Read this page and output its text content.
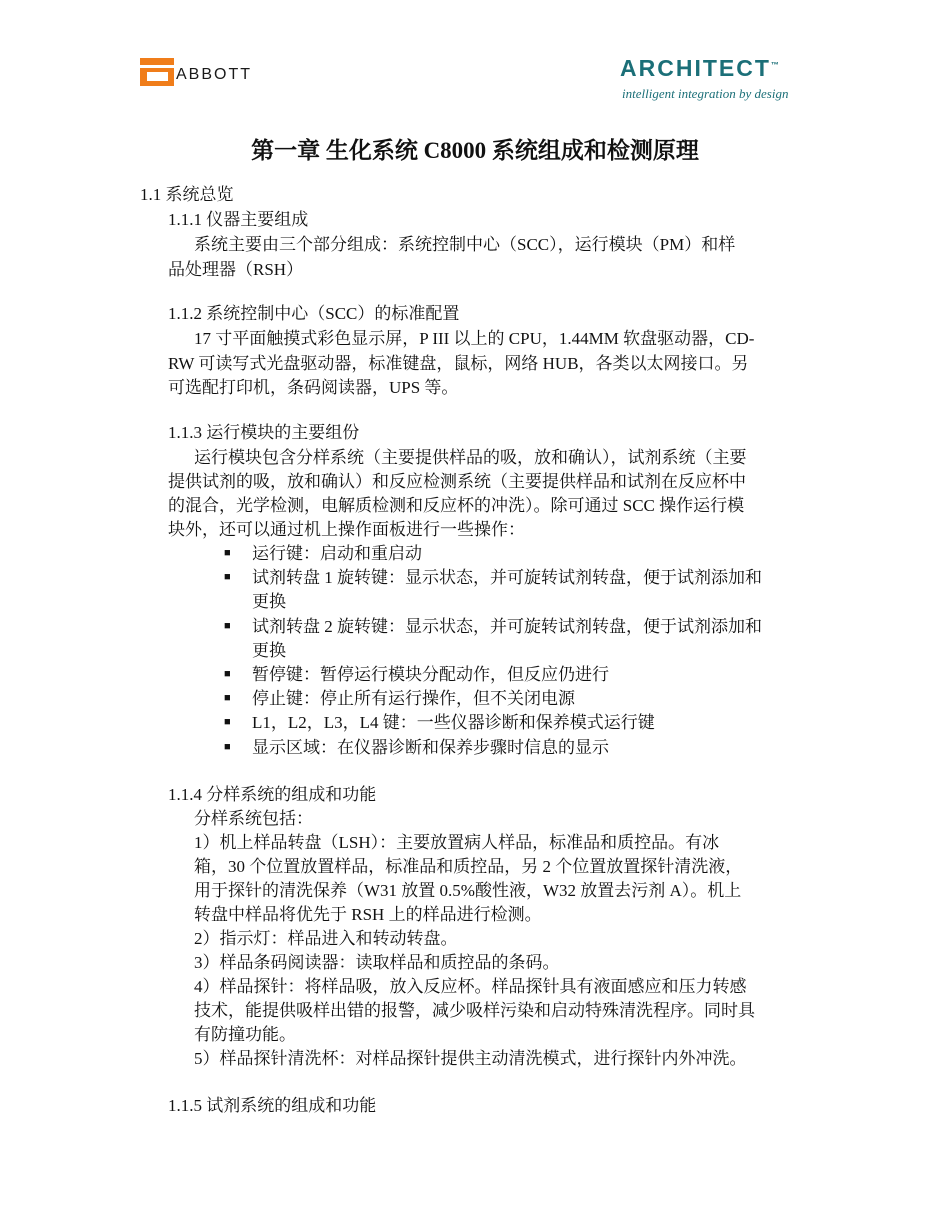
ABBOTT	ARCHITECT™
intelligent integration by design
第一章 生化系统 C8000 系统组成和检测原理
1.1 系统总览
1.1.1 仪器主要组成
系统主要由三个部分组成：系统控制中心（SCC），运行模块（PM）和样
品处理器（RSH）
1.1.2 系统控制中心（SCC）的标准配置
17 寸平面触摸式彩色显示屏，P III 以上的 CPU，1.44MM 软盘驱动器，CD-
RW 可读写式光盘驱动器，标准键盘，鼠标，网络 HUB，各类以太网接口。另
可选配打印机，条码阅读器，UPS 等。
1.1.3 运行模块的主要组份
运行模块包含分样系统（主要提供样品的吸，放和确认），试剂系统（主要
提供试剂的吸，放和确认）和反应检测系统（主要提供样品和试剂在反应杯中
的混合，光学检测，电解质检测和反应杯的冲洗）。除可通过 SCC 操作运行模
块外，还可以通过机上操作面板进行一些操作：
■ 运行键：启动和重启动
■ 试剂转盘 1 旋转键：显示状态，并可旋转试剂转盘，便于试剂添加和
更换
■ 试剂转盘 2 旋转键：显示状态，并可旋转试剂转盘，便于试剂添加和
更换
■ 暂停键：暂停运行模块分配动作，但反应仍进行
■ 停止键：停止所有运行操作，但不关闭电源
■ L1，L2，L3，L4 键：一些仪器诊断和保养模式运行键
■ 显示区域：在仪器诊断和保养步骤时信息的显示
1.1.4 分样系统的组成和功能
分样系统包括：
1）机上样品转盘（LSH）：主要放置病人样品，标准品和质控品。有冰
箱，30 个位置放置样品，标准品和质控品，另 2 个位置放置探针清洗液，
用于探针的清洗保养（W31 放置 0.5%酸性液，W32 放置去污剂 A）。机上
转盘中样品将优先于 RSH 上的样品进行检测。
2）指示灯：样品进入和转动转盘。
3）样品条码阅读器：读取样品和质控品的条码。
4）样品探针：将样品吸，放入反应杯。样品探针具有液面感应和压力转感
技术，能提供吸样出错的报警，减少吸样污染和启动特殊清洗程序。同时具
有防撞功能。
5）样品探针清洗杯：对样品探针提供主动清洗模式，进行探针内外冲洗。
1.1.5 试剂系统的组成和功能
